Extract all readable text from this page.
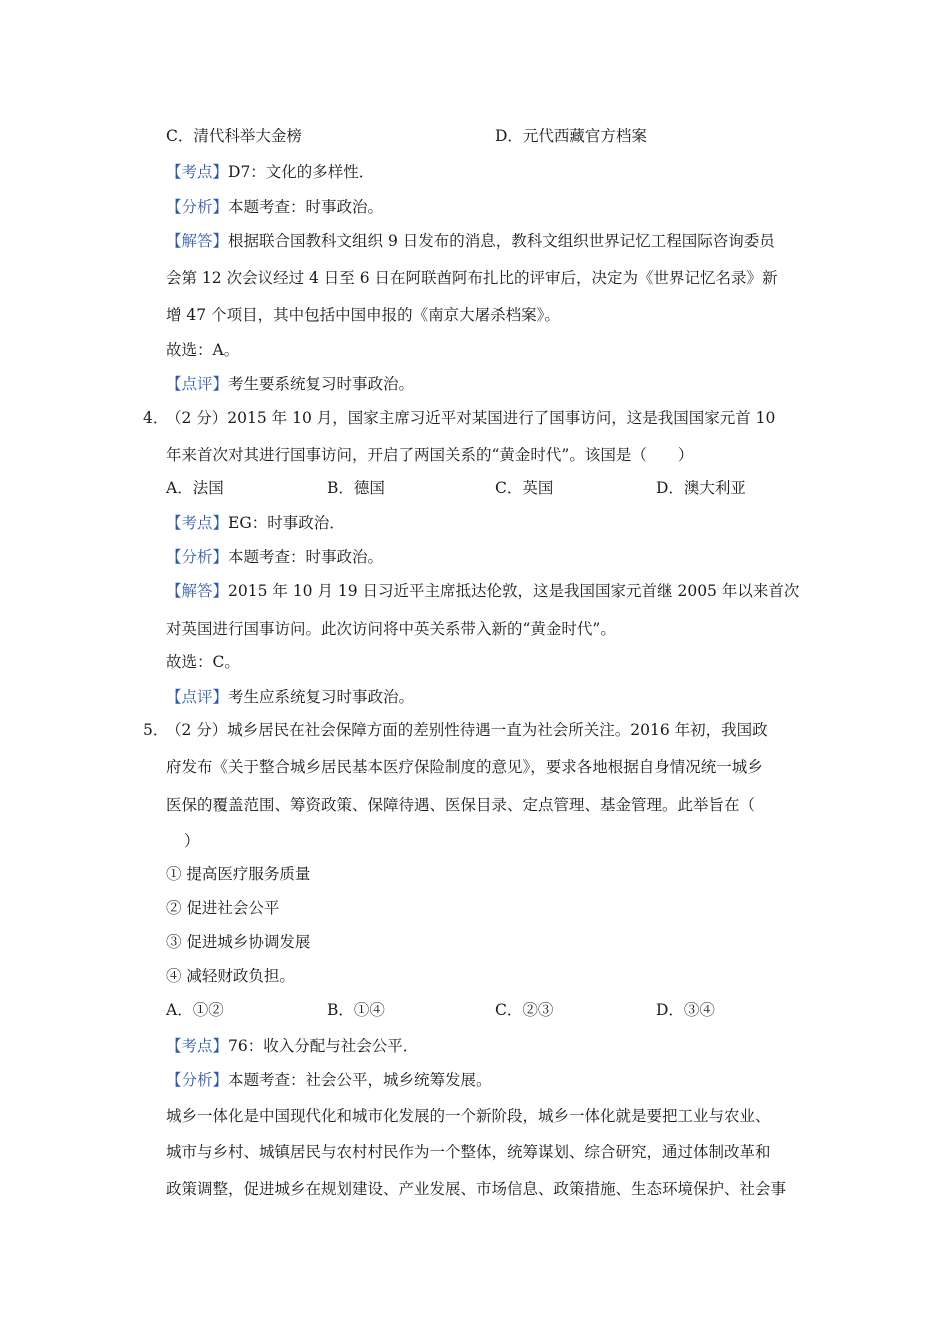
C．清代科举大金榜	D．元代西藏官方档案
【考点】D7：文化的多样性．
【分析】本题考查：时事政治。
【解答】根据联合国教科文组织 9 日发布的消息，教科文组织世界记忆工程国际咨询委员
会第 12 次会议经过 4 日至 6 日在阿联酋阿布扎比的评审后，决定为《世界记忆名录》新
增 47 个项目，其中包括中国申报的《南京大屠杀档案》。
故选：A。
【点评】考生要系统复习时事政治。
4．
（2 分）2015 年 10 月，国家主席习近平对某国进行了国事访问，这是我国国家元首 10
年来首次对其进行国事访问，开启了两国关系的“黄金时代”。该国是（　　）
A．法国	B．德国	C．英国	D．澳大利亚
【考点】EG：时事政治．
【分析】本题考查：时事政治。
【解答】2015 年 10 月 19 日习近平主席抵达伦敦，这是我国国家元首继 2005 年以来首次
对英国进行国事访问。此次访问将中英关系带入新的“黄金时代”。
故选：C。
【点评】考生应系统复习时事政治。
5．
（2 分）城乡居民在社会保障方面的差别性待遇一直为社会所关注。2016 年初，我国政
府发布《关于整合城乡居民基本医疗保险制度的意见》，要求各地根据自身情况统一城乡
医保的覆盖范围、筹资政策、保障待遇、医保目录、定点管理、基金管理。此举旨在（
）
① 提高医疗服务质量
② 促进社会公平
③ 促进城乡协调发展
④ 减轻财政负担。
A．①②	B．①④	C．②③	D．③④
【考点】76：收入分配与社会公平．
【分析】本题考查：社会公平，城乡统筹发展。
城乡一体化是中国现代化和城市化发展的一个新阶段，城乡一体化就是要把工业与农业、
城市与乡村、城镇居民与农村村民作为一个整体，统筹谋划、综合研究，通过体制改革和
政策调整，促进城乡在规划建设、产业发展、市场信息、政策措施、生态环境保护、社会事
